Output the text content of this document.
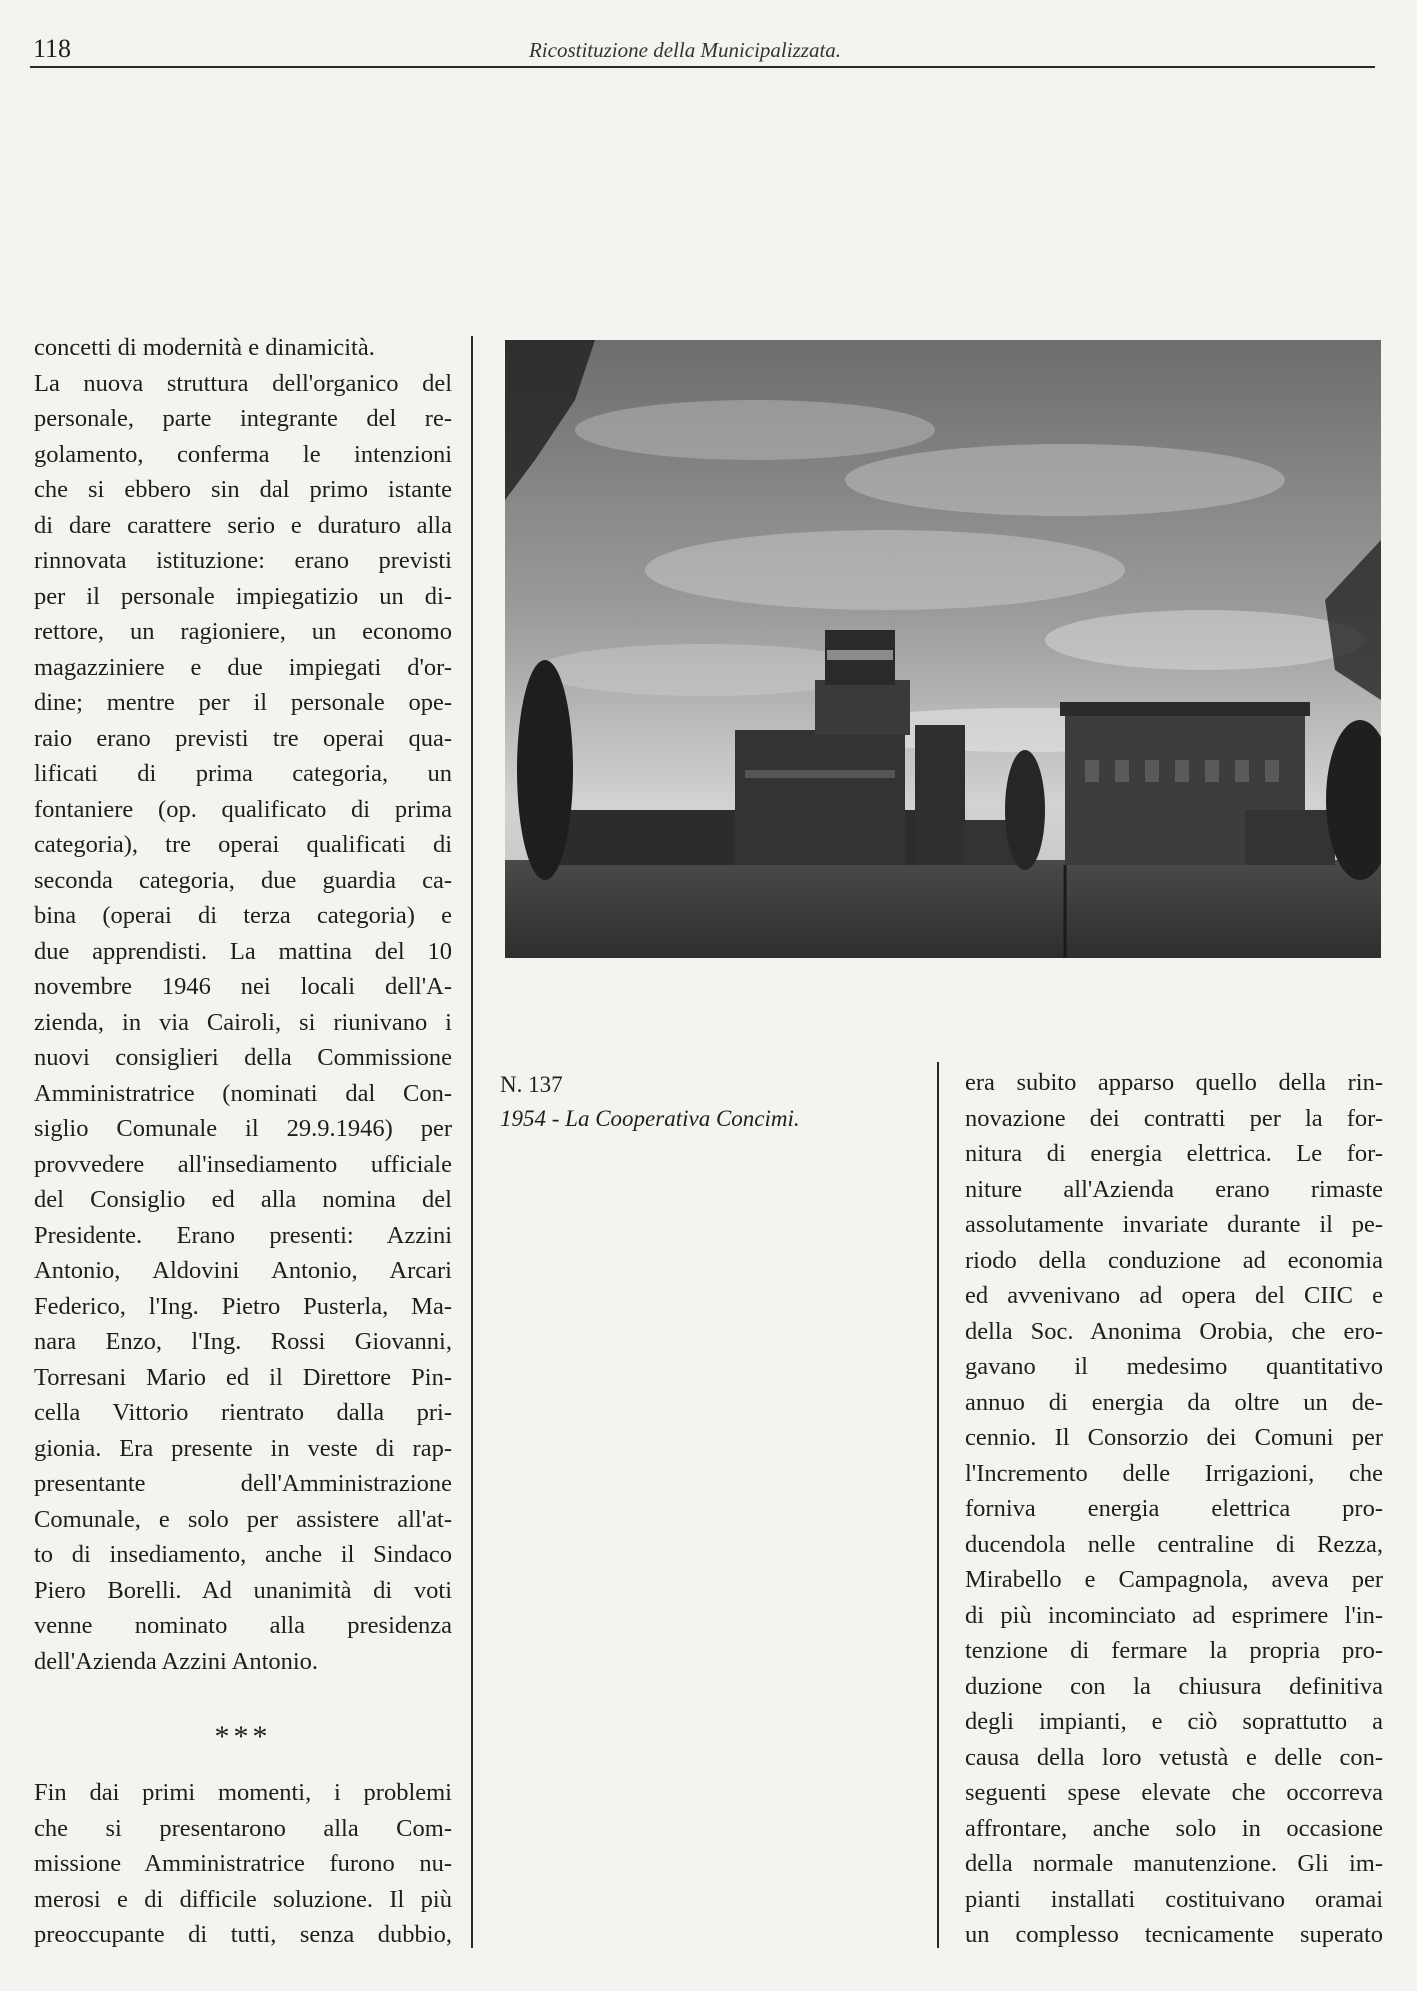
118	Ricostituzione della Municipalizzata.
concetti di modernità e dinamicità.
La nuova struttura dell'organico del
personale, parte integrante del re-
golamento, conferma le intenzioni
che si ebbero sin dal primo istante
di dare carattere serio e duraturo alla
rinnovata istituzione: erano previsti
per il personale impiegatizio un di-
rettore, un ragioniere, un economo
magazziniere e due impiegati d'or-
dine; mentre per il personale ope-
raio erano previsti tre operai qua-
lificati di prima categoria, un
fontaniere (op. qualificato di prima
categoria), tre operai qualificati di
seconda categoria, due guardia ca-
bina (operai di terza categoria) e
due apprendisti. La mattina del 10
novembre 1946 nei locali dell'A-
zienda, in via Cairoli, si riunivano i
nuovi consiglieri della Commissione
Amministratrice (nominati dal Con-
siglio Comunale il 29.9.1946) per
provvedere all'insediamento ufficiale
del Consiglio ed alla nomina del
Presidente. Erano presenti: Azzini
Antonio, Aldovini Antonio, Arcari
Federico, l'Ing. Pietro Pusterla, Ma-
nara Enzo, l'Ing. Rossi Giovanni,
Torresani Mario ed il Direttore Pin-
cella Vittorio rientrato dalla pri-
gionia. Era presente in veste di rap-
presentante dell'Amministrazione
Comunale, e solo per assistere all'at-
to di insediamento, anche il Sindaco
Piero Borelli. Ad unanimità di voti
venne nominato alla presidenza
dell'Azienda Azzini Antonio.
***
Fin dai primi momenti, i problemi
che si presentarono alla Com-
missione Amministratrice furono nu-
merosi e di difficile soluzione. Il più
preoccupante di tutti, senza dubbio,
N. 137
1954 - La Cooperativa Concimi.
era subito apparso quello della rin-
novazione dei contratti per la for-
nitura di energia elettrica. Le for-
niture all'Azienda erano rimaste
assolutamente invariate durante il pe-
riodo della conduzione ad economia
ed avvenivano ad opera del CIIC e
della Soc. Anonima Orobia, che ero-
gavano il medesimo quantitativo
annuo di energia da oltre un de-
cennio. Il Consorzio dei Comuni per
l'Incremento delle Irrigazioni, che
forniva energia elettrica pro-
ducendola nelle centraline di Rezza,
Mirabello e Campagnola, aveva per
di più incominciato ad esprimere l'in-
tenzione di fermare la propria pro-
duzione con la chiusura definitiva
degli impianti, e ciò soprattutto a
causa della loro vetustà e delle con-
seguenti spese elevate che occorreva
affrontare, anche solo in occasione
della normale manutenzione. Gli im-
pianti installati costituivano oramai
un complesso tecnicamente superato
